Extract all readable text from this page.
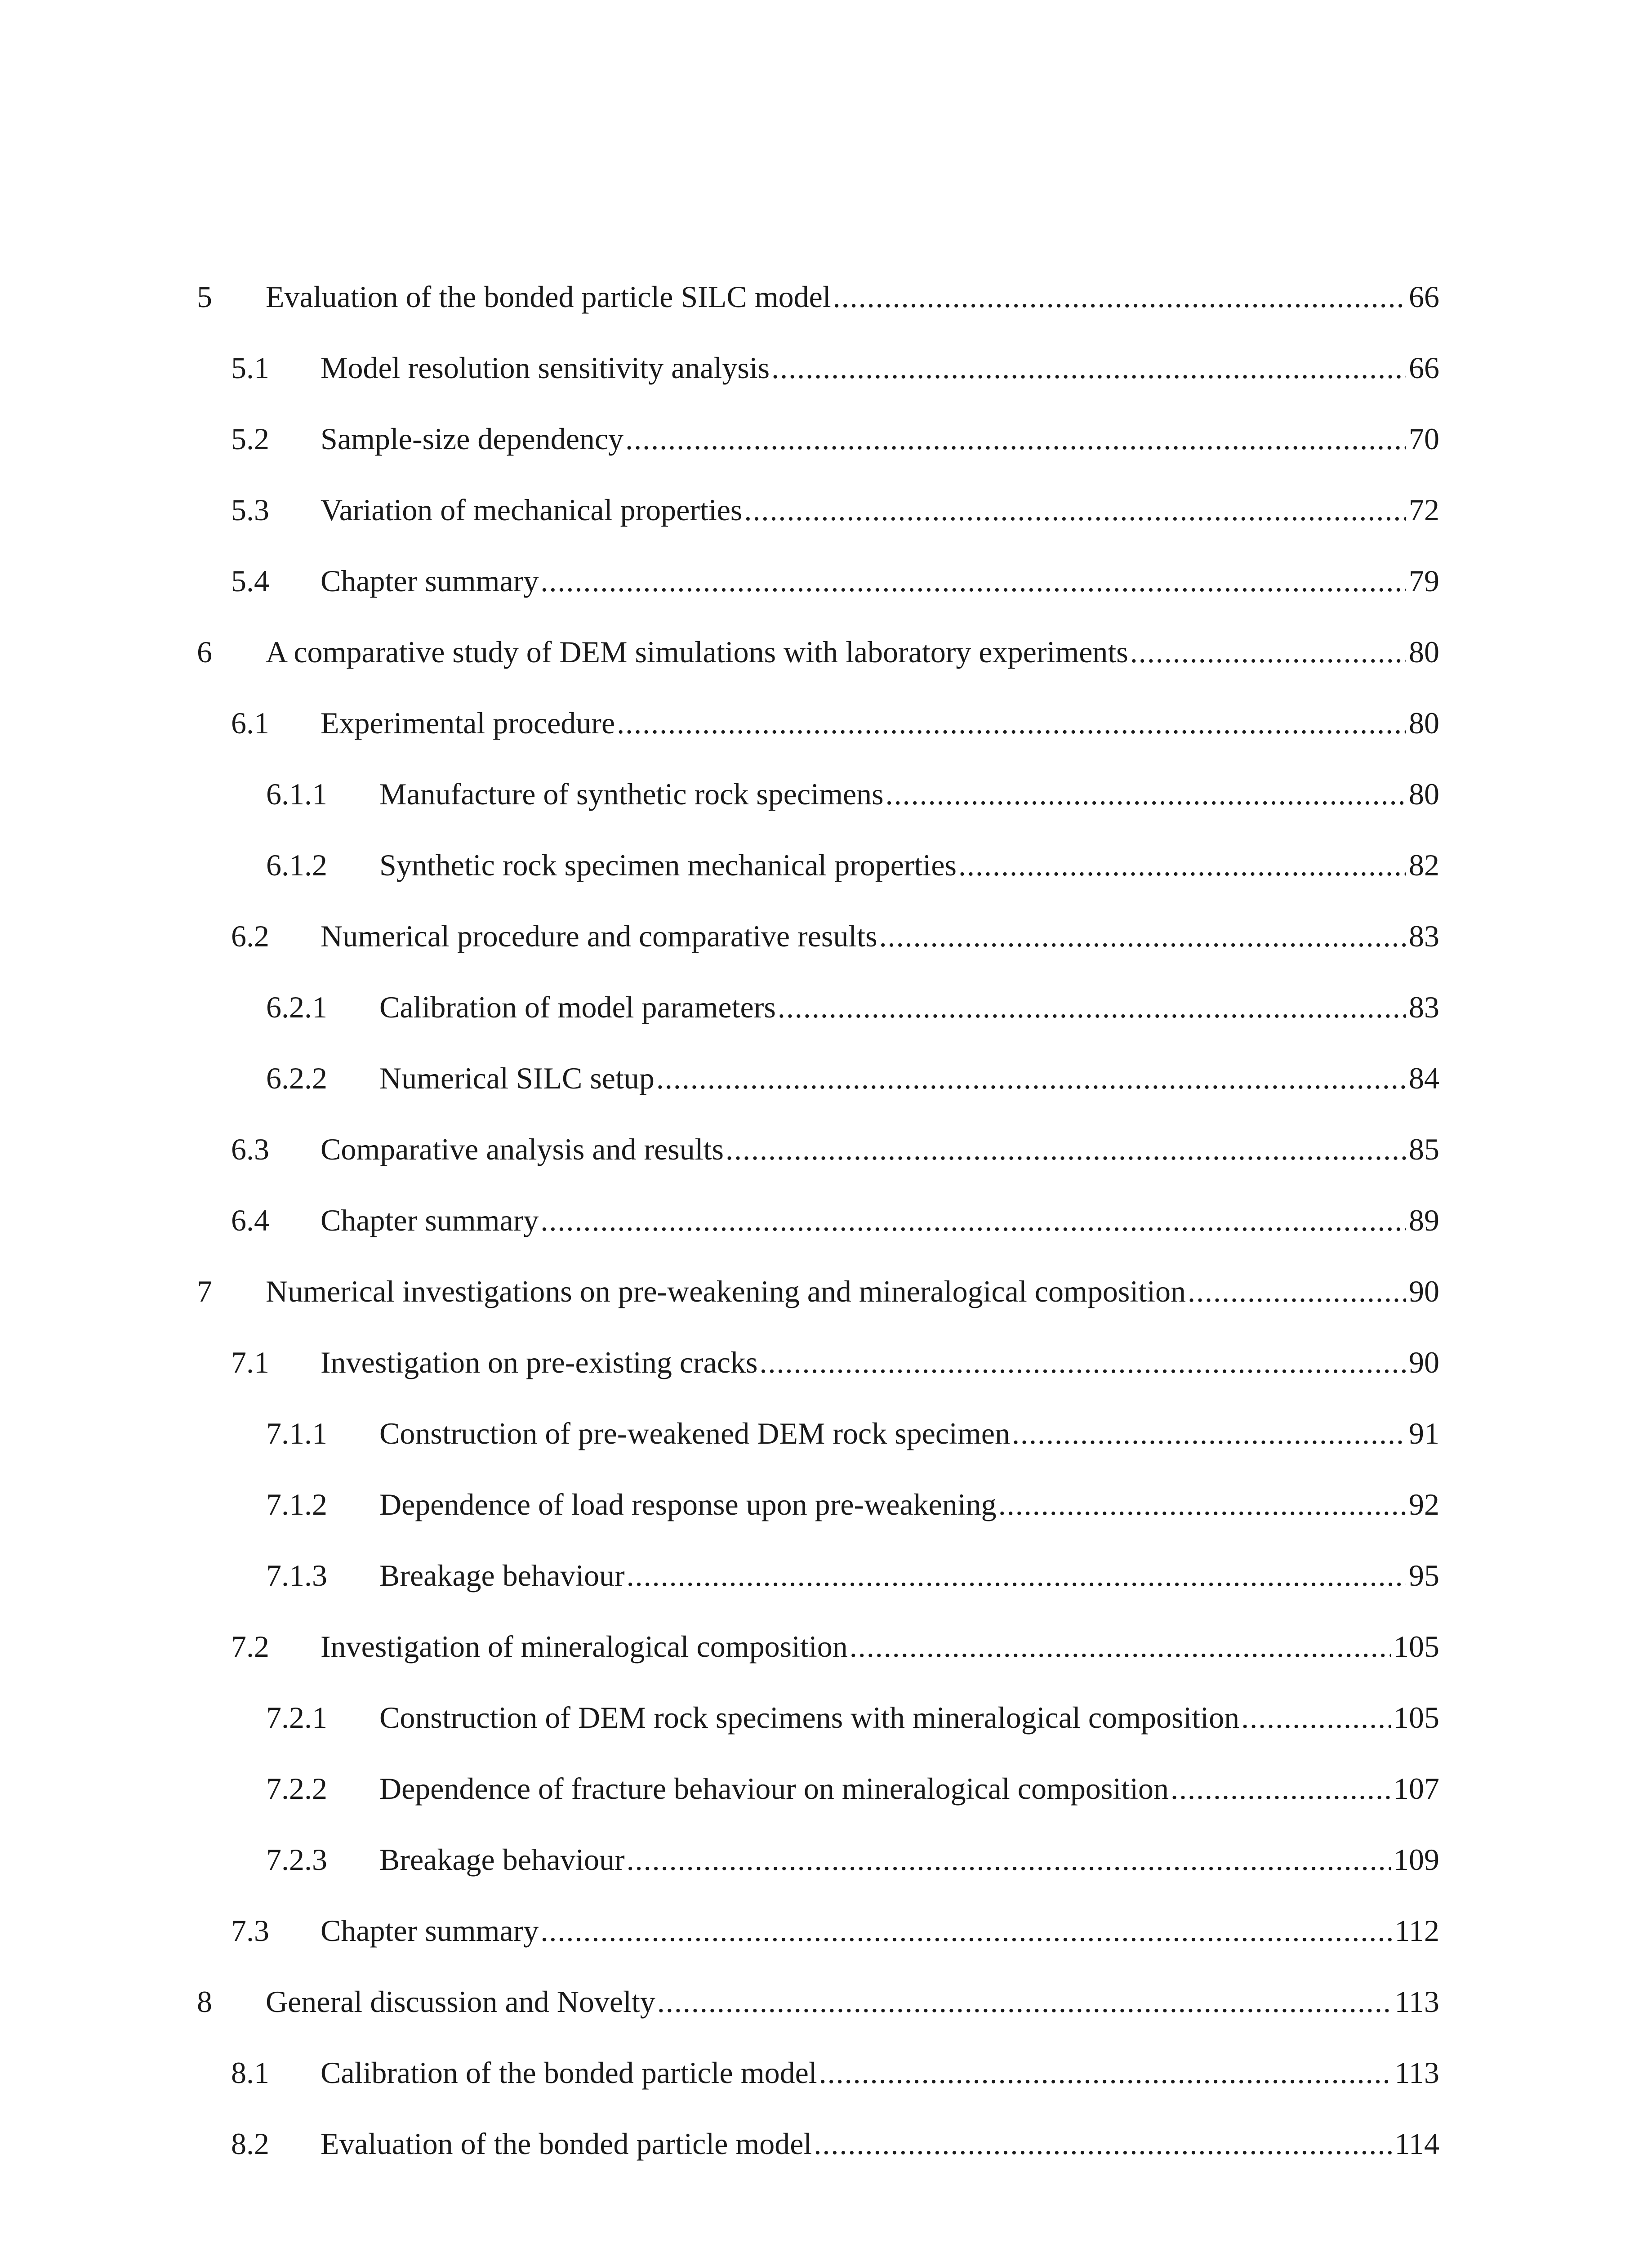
5	Evaluation of the bonded particle SILC model .....	66
5.1	Model resolution sensitivity analysis .....	66
5.2	Sample-size dependency .....	70
5.3	Variation of mechanical properties .....	72
5.4	Chapter summary .....	79
6	A comparative study of DEM simulations with laboratory experiments .....	80
6.1	Experimental procedure .....	80
6.1.1	Manufacture of synthetic rock specimens .....	80
6.1.2	Synthetic rock specimen mechanical properties .....	82
6.2	Numerical procedure and comparative results .....	83
6.2.1	Calibration of model parameters .....	83
6.2.2	Numerical SILC setup .....	84
6.3	Comparative analysis and results .....	85
6.4	Chapter summary .....	89
7	Numerical investigations on pre-weakening and mineralogical composition .....	90
7.1	Investigation on pre-existing cracks .....	90
7.1.1	Construction of pre-weakened DEM rock specimen .....	91
7.1.2	Dependence of load response upon pre-weakening .....	92
7.1.3	Breakage behaviour .....	95
7.2	Investigation of mineralogical composition .....	105
7.2.1	Construction of DEM rock specimens with mineralogical composition .....	105
7.2.2	Dependence of fracture behaviour on mineralogical composition .....	107
7.2.3	Breakage behaviour .....	109
7.3	Chapter summary .....	112
8	General discussion and Novelty .....	113
8.1	Calibration of the bonded particle model .....	113
8.2	Evaluation of the bonded particle model .....	114
